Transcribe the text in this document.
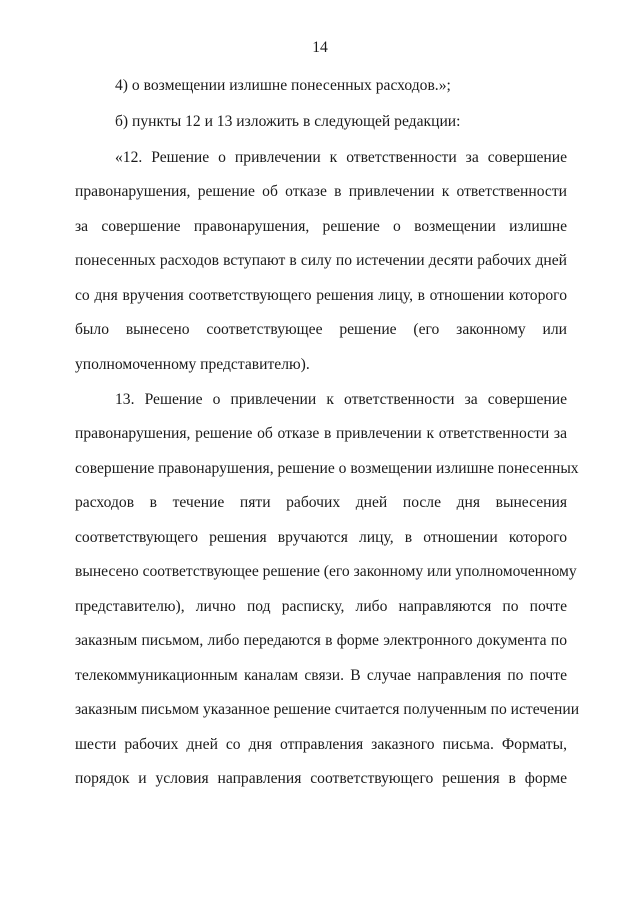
14
4) о возмещении излишне понесенных расходов.»;
б) пункты 12 и 13 изложить в следующей редакции:
«12. Решение о привлечении к ответственности за совершение
правонарушения, решение об отказе в привлечении к ответственности
за совершение правонарушения, решение о возмещении излишне
понесенных расходов вступают в силу по истечении десяти рабочих дней
со дня вручения соответствующего решения лицу, в отношении которого
было вынесено соответствующее решение (его законному или
уполномоченному представителю).
13. Решение о привлечении к ответственности за совершение
правонарушения, решение об отказе в привлечении к ответственности за
совершение правонарушения, решение о возмещении излишне понесенных
расходов в течение пяти рабочих дней после дня вынесения
соответствующего решения вручаются лицу, в отношении которого
вынесено соответствующее решение (его законному или уполномоченному
представителю), лично под расписку, либо направляются по почте
заказным письмом, либо передаются в форме электронного документа по
телекоммуникационным каналам связи. В случае направления по почте
заказным письмом указанное решение считается полученным по истечении
шести рабочих дней со дня отправления заказного письма. Форматы,
порядок и условия направления соответствующего решения в форме
